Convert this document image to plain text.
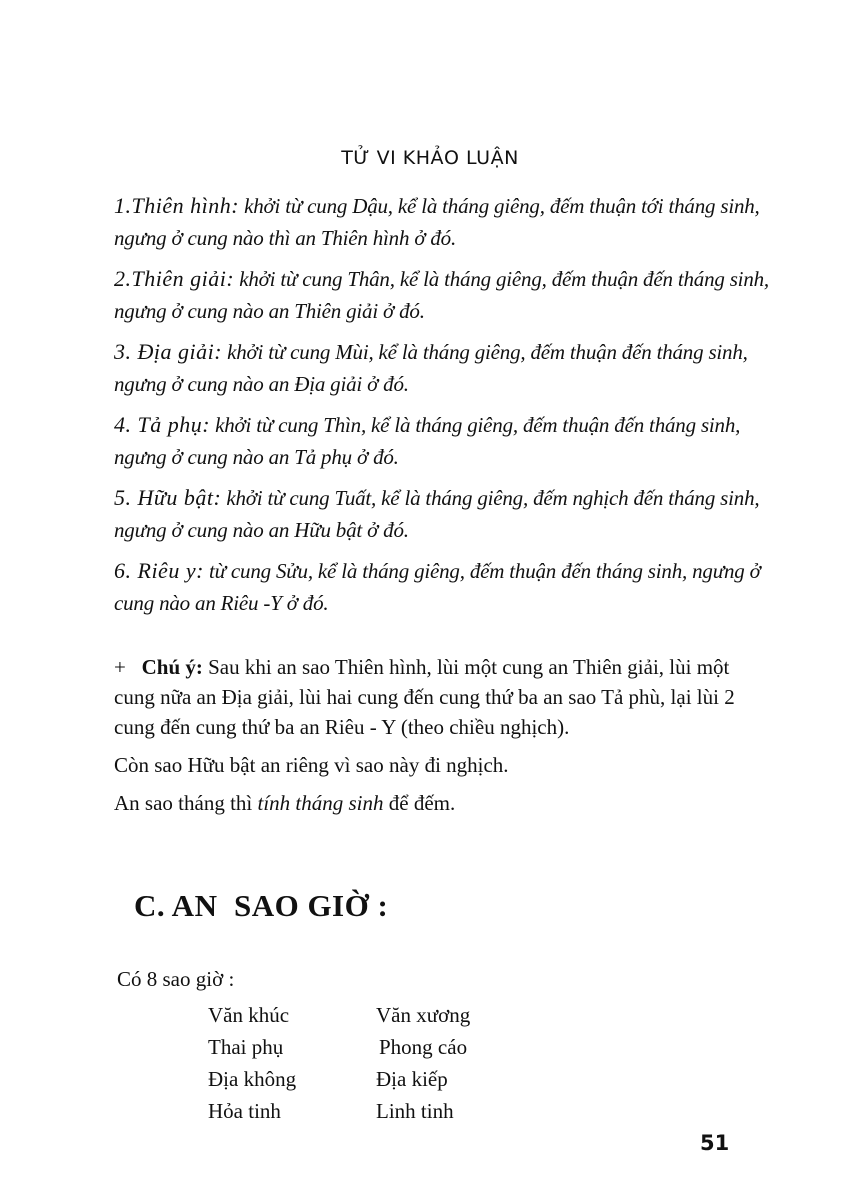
TỬ VI KHẢO LUẬN
1.Thiên hình: khởi từ cung Dậu, kể là tháng giêng, đếm thuận tới tháng sinh, ngưng ở cung nào thì an Thiên hình ở đó.
2.Thiên giải: khởi từ cung Thân, kể là tháng giêng, đếm thuận đến tháng sinh, ngưng ở cung nào an Thiên giải ở đó.
3. Địa giải: khởi từ cung Mùi, kể là tháng giêng, đếm thuận đến tháng sinh, ngưng ở cung nào an Địa giải ở đó.
4. Tả phụ: khởi từ cung Thìn, kể là tháng giêng, đếm thuận đến tháng sinh, ngưng ở cung nào an Tả phụ ở đó.
5. Hữu bật: khởi từ cung Tuất, kể là tháng giêng, đếm nghịch đến tháng sinh, ngưng ở cung nào an Hữu bật ở đó.
6. Riêu y: từ cung Sửu, kể là tháng giêng, đếm thuận đến tháng sinh, ngưng ở cung nào an Riêu -Y ở đó.
+   Chú ý: Sau khi an sao Thiên hình, lùi một cung an Thiên giải, lùi một cung nữa an Địa giải, lùi hai cung đến cung thứ ba an sao Tả phù, lại lùi 2 cung đến cung thứ ba an Riêu - Y (theo chiều nghịch).
Còn sao Hữu bật an riêng vì sao này đi nghịch.
An sao tháng thì tính tháng sinh để đếm.
C. AN  SAO GIỜ :
Có 8 sao giờ :
Văn khúc	Văn xương
Thai phụ	Phong cáo
Địa không	Địa kiếp
Hỏa tinh	Linh tinh
51
